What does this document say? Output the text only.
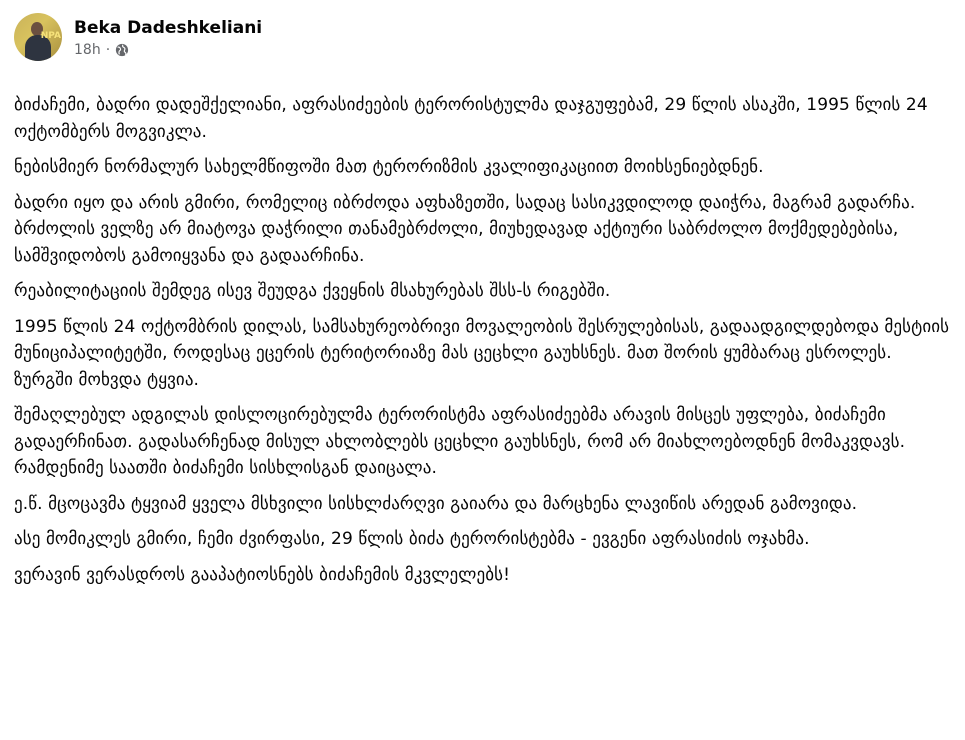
NPA Beka Dadeshkeliani
18h ·

ბიძაჩემი, ბადრი დადეშქელიანი, აფრასიძეების ტერორისტულმა დაჯგუფებამ, 29 წლის ასაკში, 1995 წლის 24 ოქტომბერს მოგვიკლა.

ნებისმიერ ნორმალურ სახელმწიფოში მათ ტერორიზმის კვალიფიკაციით მოიხსენიებდნენ.

ბადრი იყო და არის გმირი, რომელიც იბრძოდა აფხაზეთში, სადაც სასიკვდილოდ დაიჭრა, მაგრამ გადარჩა. ბრძოლის ველზე არ მიატოვა დაჭრილი თანამებრძოლი, მიუხედავად აქტიური საბრძოლო მოქმედებებისა, სამშვიდობოს გამოიყვანა და გადაარჩინა.

რეაბილიტაციის შემდეგ ისევ შეუდგა ქვეყნის მსახურებას შსს-ს რიგებში.

1995 წლის 24 ოქტომბრის დილას, სამსახურეობრივი მოვალეობის შესრულებისას, გადაადგილდებოდა მესტიის მუნიციპალიტეტში, როდესაც ეცერის ტერიტორიაზე მას ცეცხლი გაუხსნეს. მათ შორის ყუმბარაც ესროლეს. ზურგში მოხვდა ტყვია.

შემაღლებულ ადგილას დისლოცირებულმა ტერორისტმა აფრასიძეებმა არავის მისცეს უფლება, ბიძაჩემი გადაერჩინათ. გადასარჩენად მისულ ახლობლებს ცეცხლი გაუხსნეს, რომ არ მიახლოებოდნენ მომაკვდავს. რამდენიმე საათში ბიძაჩემი სისხლისგან დაიცალა.

ე.წ. მცოცავმა ტყვიამ ყველა მსხვილი სისხლძარღვი გაიარა და მარცხენა ლავიწის არედან გამოვიდა.

ასე მომიკლეს გმირი, ჩემი ძვირფასი, 29 წლის ბიძა ტერორისტებმა - ევგენი აფრასიძის ოჯახმა.

ვერავინ ვერასდროს გააპატიოსნებს ბიძაჩემის მკვლელებს!
